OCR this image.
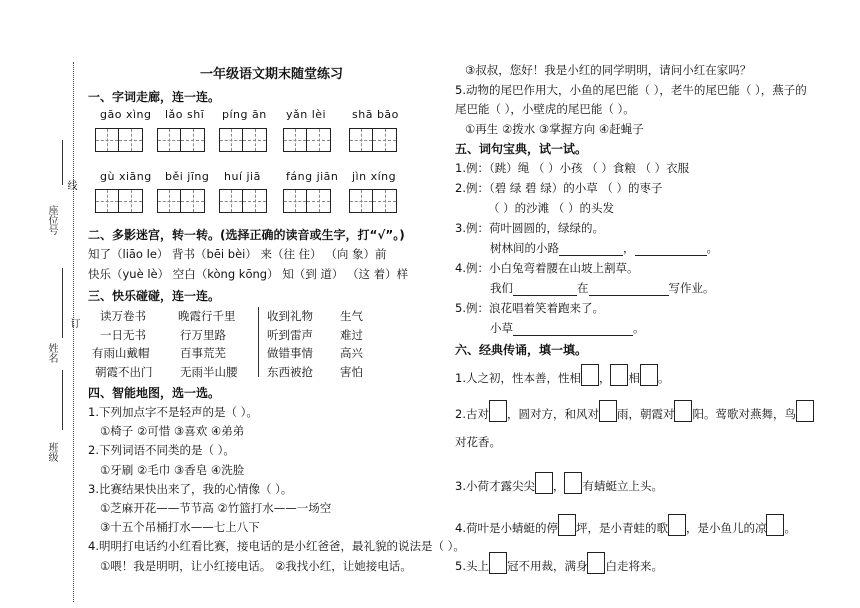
座位号
线
订
姓名
班级
一年级语文期末随堂练习
一、字词走廊，连一连。
gāo xìng lǎo shī píng ān yǎn lèi shā bāo
gù xiāng běi jīng huí jiā fáng jiān jìn xíng
二、多影迷宫，转一转。(选择正确的读音或生字，打“√”。)
知了（liāo le） 背书（bēi bèi） 来（往 住） （向 象）前
快乐（yuè lè） 空白（kòng kōng） 知（到 道） （这 着）样
三、快乐碰碰，连一连。
读万卷书
一日无书
有雨山戴帽
朝霞不出门
晚霞行千里
行万里路
百事荒芜
无雨半山腰
收到礼物
听到雷声
做错事情
东西被抢
生气
难过
高兴
害怕
四、智能地图，选一选。
1.下列加点字不是轻声的是（ ）。
①椅子 ②可惜 ③喜欢 ④弟弟
2.下列词语不同类的是（ ）。
①牙刷 ②毛巾 ③香皂 ④洗脸
3.比赛结果快出来了，我的心情像（ ）。
①芝麻开花——节节高 ②竹篮打水——一场空
③十五个吊桶打水——七上八下
4.明明打电话约小红看比赛，接电话的是小红爸爸，最礼貌的说法是（ ）。
①喂！我是明明，让小红接电话。 ②我找小红，让她接电话。
③叔叔，您好！我是小红的同学明明，请问小红在家吗？
5.动物的尾巴作用大，小鱼的尾巴能（ ），老牛的尾巴能（ ），燕子的
尾巴能（ ），小壁虎的尾巴能（ ）。
①再生 ②拨水 ③掌握方向 ④赶蝇子
五、词句宝典，试一试。
1.例：（跳）绳 （ ）小孩 （ ）食粮 （ ）衣服
2.例：（碧 绿 碧 绿）的小草 （ ）的枣子
（ ）的沙滩 （ ）的头发
3.例：荷叶圆圆的，绿绿的。
树林间的小路	，	。
4.例：小白兔弯着腰在山坡上割草。
我们	在	写作业。
5.例：浪花唱着笑着跑来了。
小草	。
六、经典传诵，填一填。
1.人之初，性本善，性相 ， 相 。
2.古对 ，圆对方，和风对 雨，朝霞对 阳。莺歌对燕舞，鸟
对花香。
3.小荷才露尖尖 ， 有蜻蜓立上头。
4.荷叶是小蜻蜓的停 坪，是小青蛙的歌 ，是小鱼儿的凉 。
5.头上 冠不用裁，满身 白走将来。
